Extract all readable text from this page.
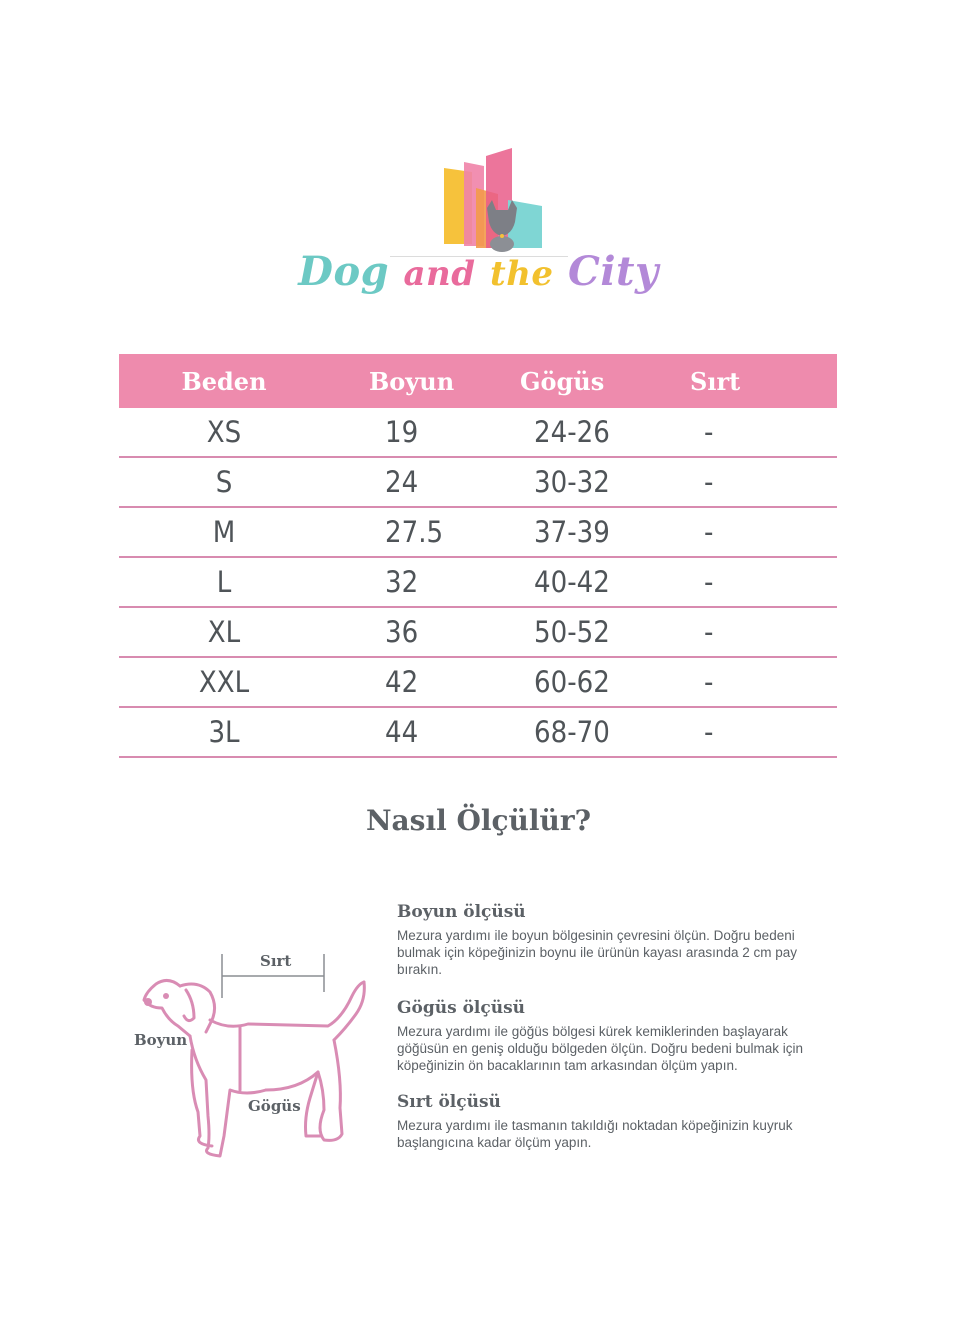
Dog and the City
Beden	Boyun	Gögüs	Sırt
XS	19	24-26	-
S	24	30-32	-
M	27.5	37-39	-
L	32	40-42	-
XL	36	50-52	-
XXL	42	60-62	-
3L	44	68-70	-
Nasıl Ölçülür?
Sırt
Boyun
Gögüs
Boyun ölçüsü
Mezura yardımı ile boyun bölgesinin çevresini ölçün. Doğru bedeni bulmak için köpeğinizin boynu ile ürünün kayası arasında 2 cm pay bırakın.
Gögüs ölçüsü
Mezura yardımı ile göğüs bölgesi kürek kemiklerinden başlayarak göğüsün en geniş olduğu bölgeden ölçün. Doğru bedeni bulmak için köpeğinizin ön bacaklarının tam arkasından ölçüm yapın.
Sırt ölçüsü
Mezura yardımı ile tasmanın takıldığı noktadan köpeğinizin kuyruk başlangıcına kadar ölçüm yapın.
